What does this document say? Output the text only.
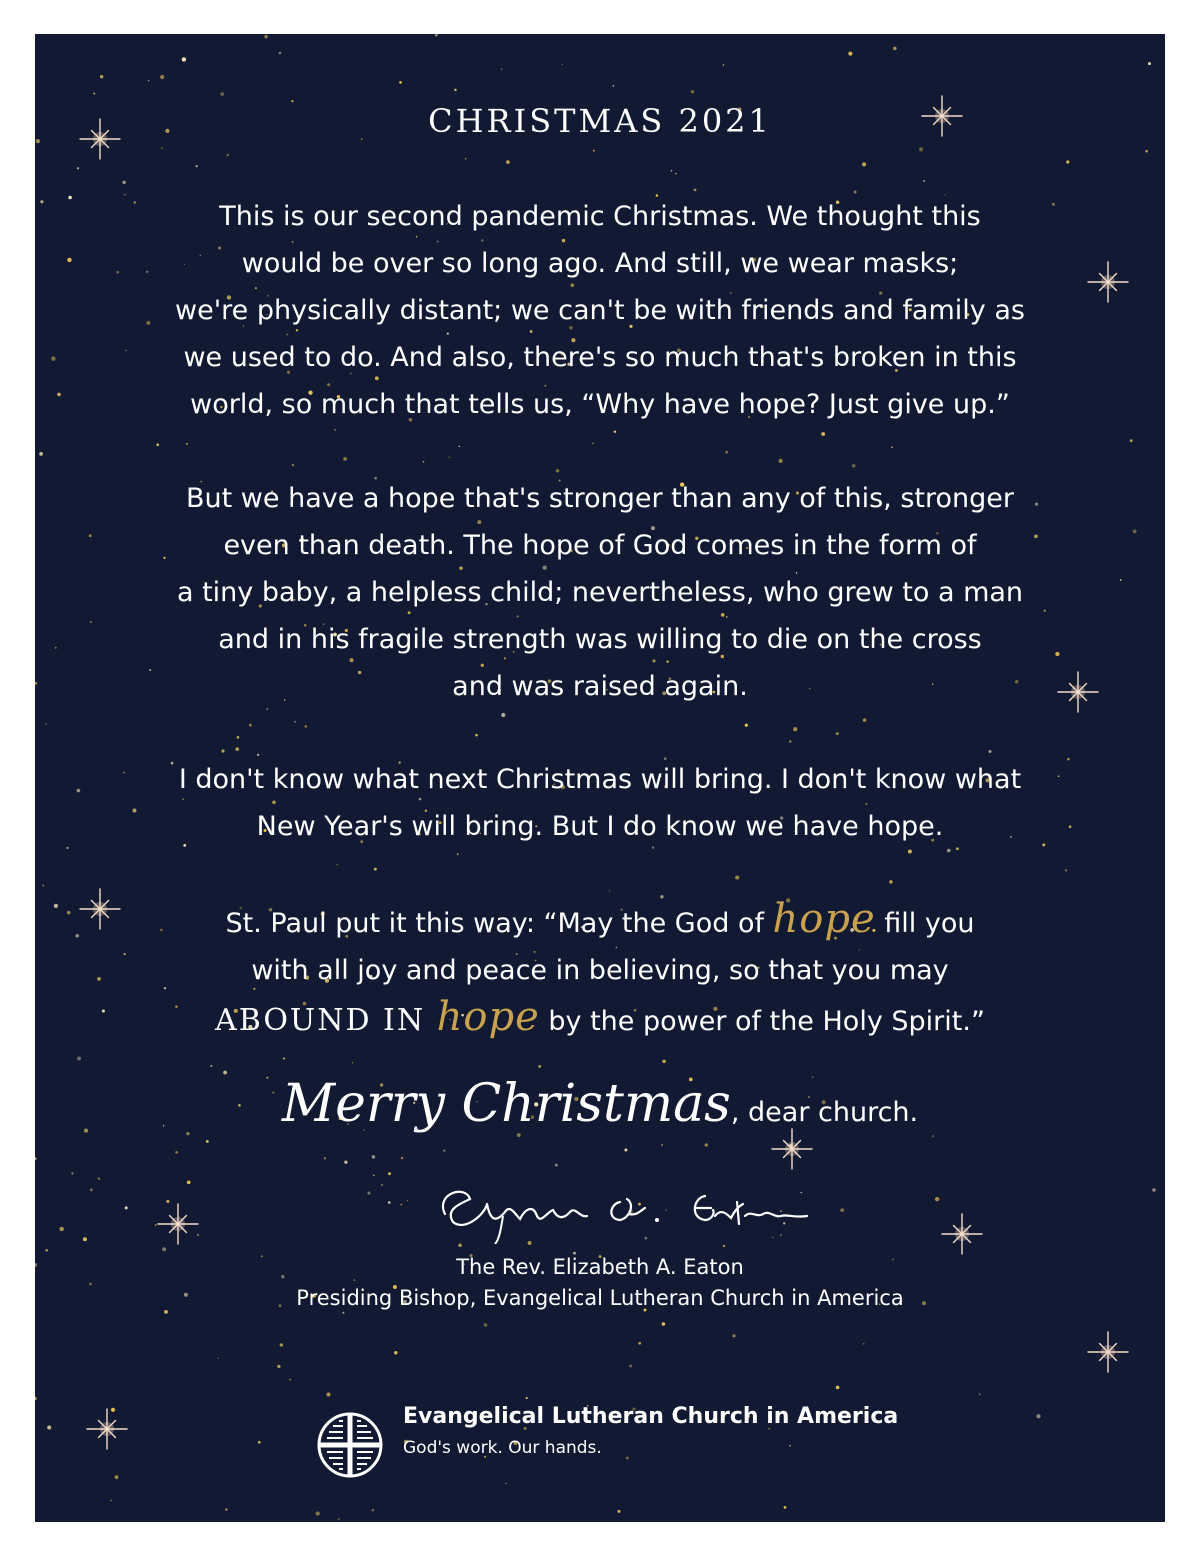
CHRISTMAS 2021
This is our second pandemic Christmas. We thought this
would be over so long ago. And still, we wear masks;
we're physically distant; we can't be with friends and family as
we used to do. And also, there's so much that's broken in this
world, so much that tells us, “Why have hope? Just give up.”
But we have a hope that's stronger than any of this, stronger
even than death. The hope of God comes in the form of
a tiny baby, a helpless child; nevertheless, who grew to a man
and in his fragile strength was willing to die on the cross
and was raised again.
I don't know what next Christmas will bring. I don't know what
New Year's will bring. But I do know we have hope.
St. Paul put it this way: “May the God of hope fill you
with all joy and peace in believing, so that you may
ABOUND IN hope by the power of the Holy Spirit.”
Merry Christmas, dear church.
The Rev. Elizabeth A. Eaton
Presiding Bishop, Evangelical Lutheran Church in America
Evangelical Lutheran Church in America
God's work. Our hands.
